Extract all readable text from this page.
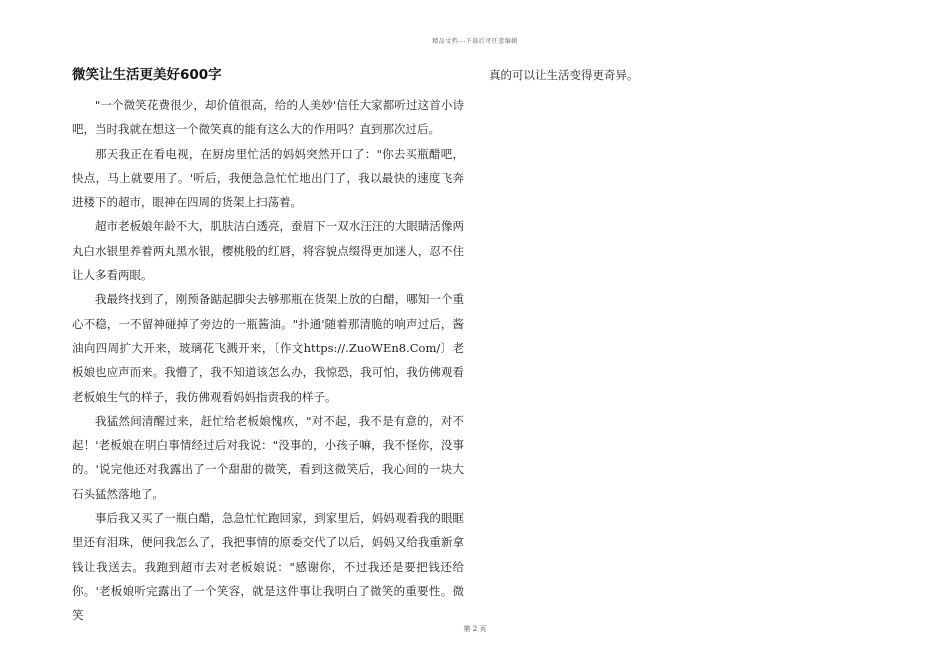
精品文档---下载后可任意编辑
微笑让生活更美好600字

"一个微笑花费很少，却价值很高，给的人美妙'信任大家都听过这首小诗吧，当时我就在想这一个微笑真的能有这么大的作用吗？直到那次过后。

那天我正在看电视，在厨房里忙活的妈妈突然开口了："你去买瓶醋吧，快点，马上就要用了。'听后，我便急急忙忙地出门了，我以最快的速度飞奔进楼下的超市，眼神在四周的货架上扫荡着。

超市老板娘年龄不大，肌肤洁白透亮，蚕眉下一双水汪汪的大眼睛活像两丸白水银里养着两丸黑水银，樱桃般的红唇，将容貌点缀得更加迷人，忍不住让人多看两眼。

我最终找到了，刚预备踮起脚尖去够那瓶在货架上放的白醋，哪知一个重心不稳，一不留神碰掉了旁边的一瓶酱油。"扑通'随着那清脆的响声过后，酱油向四周扩大开来，玻璃花飞溅开来，〔作文https://.ZuoWEn8.Com/〕老板娘也应声而来。我懵了，我不知道该怎么办，我惊恐，我可怕，我仿佛观看老板娘生气的样子，我仿佛观看妈妈指责我的样子。

我猛然间清醒过来，赶忙给老板娘愧疚，"对不起，我不是有意的，对不起！'老板娘在明白事情经过后对我说："没事的，小孩子嘛，我不怪你，没事的。'说完他还对我露出了一个甜甜的微笑，看到这微笑后，我心间的一块大石头猛然落地了。

事后我又买了一瓶白醋，急急忙忙跑回家，到家里后，妈妈观看我的眼眶里还有泪珠，便问我怎么了，我把事情的原委交代了以后，妈妈又给我重新拿钱让我送去。我跑到超市去对老板娘说："感谢你，不过我还是要把钱还给你。'老板娘听完露出了一个笑容，就是这件事让我明白了微笑的重要性。微笑

真的可以让生活变得更奇异。

第 2 页
